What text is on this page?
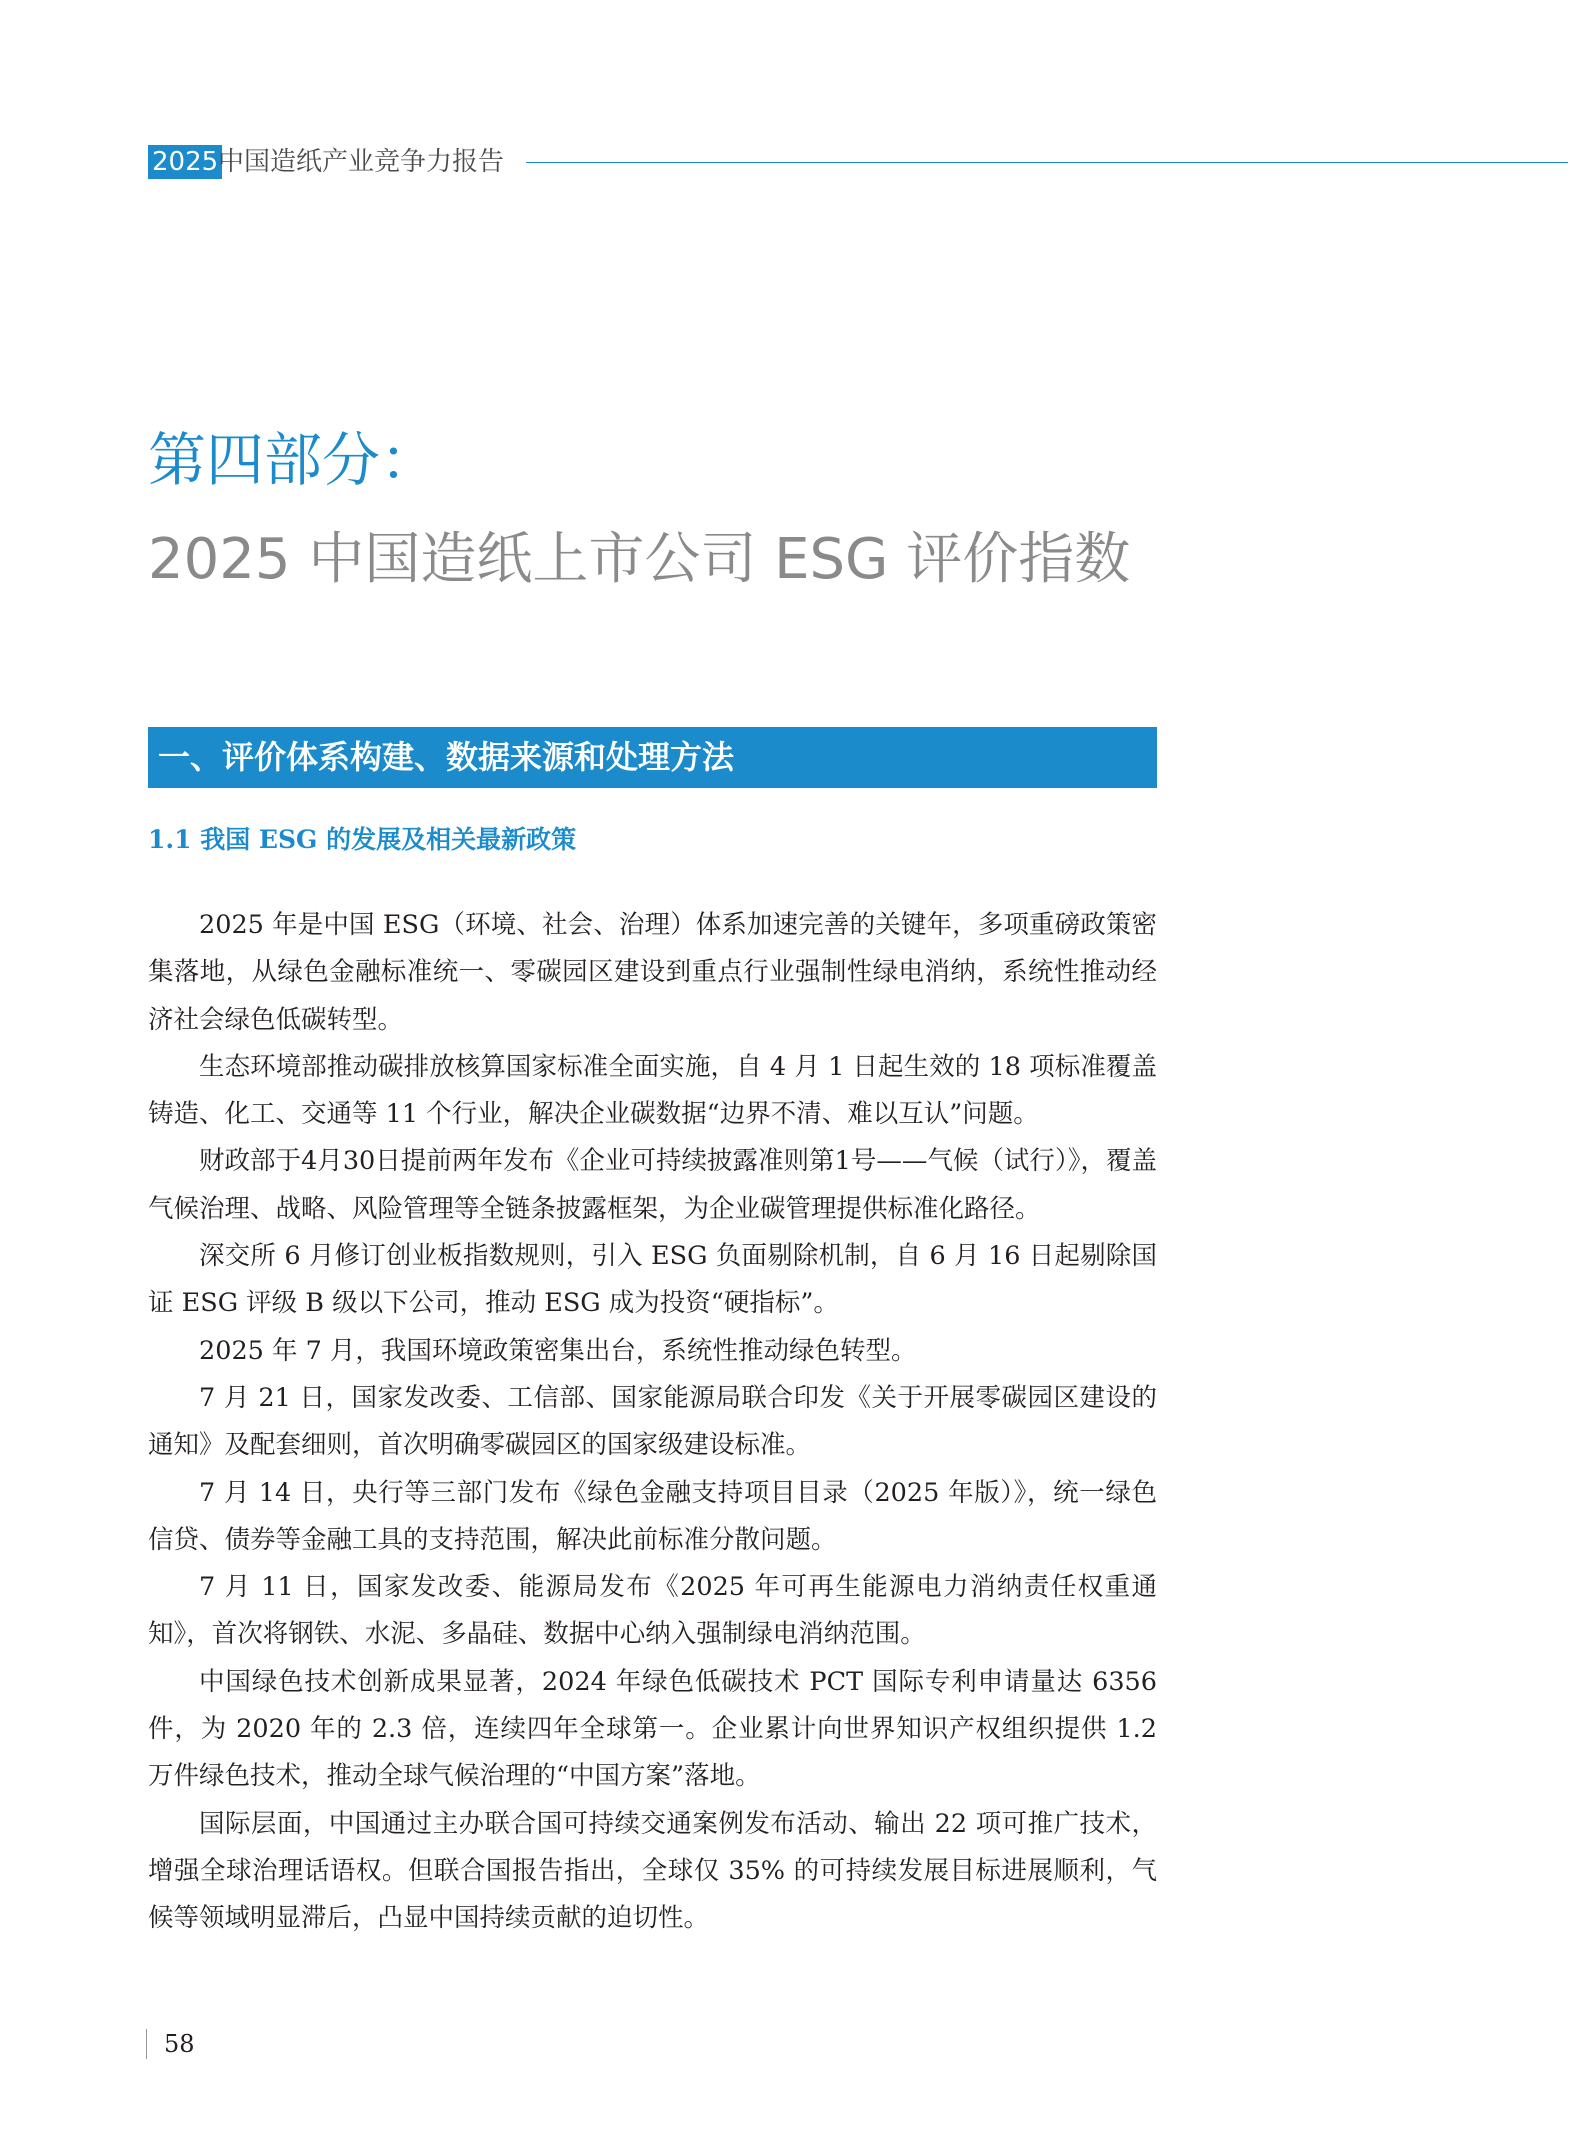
2025 中国造纸产业竞争力报告
第四部分：
2025 中国造纸上市公司 ESG 评价指数
一、评价体系构建、数据来源和处理方法
1.1 我国 ESG 的发展及相关最新政策

2025 年是中国 ESG（环境、社会、治理）体系加速完善的关键年，多项重磅政策密集落地，从绿色金融标准统一、零碳园区建设到重点行业强制性绿电消纳，系统性推动经济社会绿色低碳转型。

生态环境部推动碳排放核算国家标准全面实施，自 4 月 1 日起生效的 18 项标准覆盖铸造、化工、交通等 11 个行业，解决企业碳数据“边界不清、难以互认”问题。

财政部于4月30日提前两年发布《企业可持续披露准则第1号——气候（试行）》，覆盖气候治理、战略、风险管理等全链条披露框架，为企业碳管理提供标准化路径。

深交所 6 月修订创业板指数规则，引入 ESG 负面剔除机制，自 6 月 16 日起剔除国证 ESG 评级 B 级以下公司，推动 ESG 成为投资“硬指标”。

2025 年 7 月，我国环境政策密集出台，系统性推动绿色转型。

7 月 21 日，国家发改委、工信部、国家能源局联合印发《关于开展零碳园区建设的通知》及配套细则，首次明确零碳园区的国家级建设标准。

7 月 14 日，央行等三部门发布《绿色金融支持项目目录（2025 年版）》，统一绿色信贷、债券等金融工具的支持范围，解决此前标准分散问题。

7 月 11 日，国家发改委、能源局发布《2025 年可再生能源电力消纳责任权重通知》，首次将钢铁、水泥、多晶硅、数据中心纳入强制绿电消纳范围。

中国绿色技术创新成果显著，2024 年绿色低碳技术 PCT 国际专利申请量达 6356 件，为 2020 年的 2.3 倍，连续四年全球第一。企业累计向世界知识产权组织提供 1.2 万件绿色技术，推动全球气候治理的“中国方案”落地。

国际层面，中国通过主办联合国可持续交通案例发布活动、输出 22 项可推广技术，增强全球治理话语权。但联合国报告指出，全球仅 35% 的可持续发展目标进展顺利，气候等领域明显滞后，凸显中国持续贡献的迫切性。

58
